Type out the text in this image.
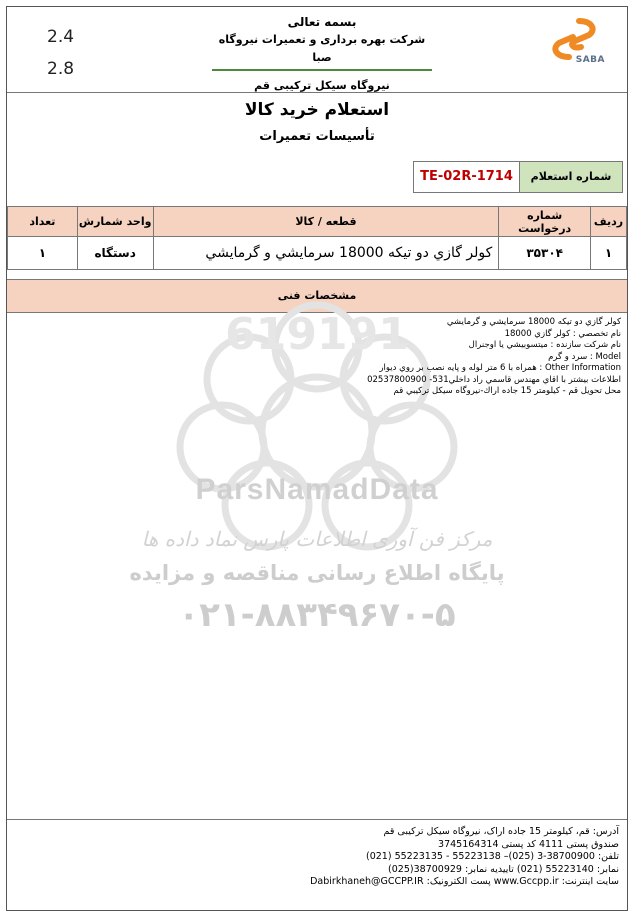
2.4
2.8
بسمه تعالی
شرکت بهره برداری و تعمیرات نیروگاه صبا
نیروگاه سیکل ترکیبی قم
SABA
استعلام خرید کالا
تأسیسات تعمیرات
شماره استعلام
TE-02R-1714
ردیف	شماره درخواست	قطعه / کالا	واحد شمارش	تعداد
۱	۳۵۳۰۴	كولر گازي دو تيكه 18000 سرمايشي و گرمايشي	دستگاه	۱
مشخصات فنی
619191
ParsNamadData
مرکز فن آوری اطلاعات پارس نماد داده ها
پایگاه اطلاع رسانی مناقصه و مزایده
۰۲۱-۸۸۳۴۹۶۷۰-۵
كولر گازي دو تيكه 18000 سرمايشي و گرمايشي
نام تخصصي : كولر گازي 18000
نام شركت سازنده : ميتسوبيشي يا اوجنرال
Model : سرد و گرم
Other Information : همراه با 6 متر لوله و پايه نصب بر روي ديوار
اطلاعات بيشتر با اقاي مهندس قاسمي راد داخلي531- 02537800900
محل تحويل قم - كيلومتر 15 جاده اراك-نيروگاه سيكل تركيبي قم
آدرس: قم، کیلومتر 15 جاده اراک، نیروگاه سیکل ترکیبی قم
صندوق پستی 4111 کد پستی 3745164314
تلفن: 38700900-3 (025)– 55223138 - 55223135 (021)
نمابر: 55223140 (021) تاییدیه نمابر: 38700929(025)
سایت اینترنت: www.Gccpp.ir پست الکترونیک: Dabirkhaneh@GCCPP.IR
